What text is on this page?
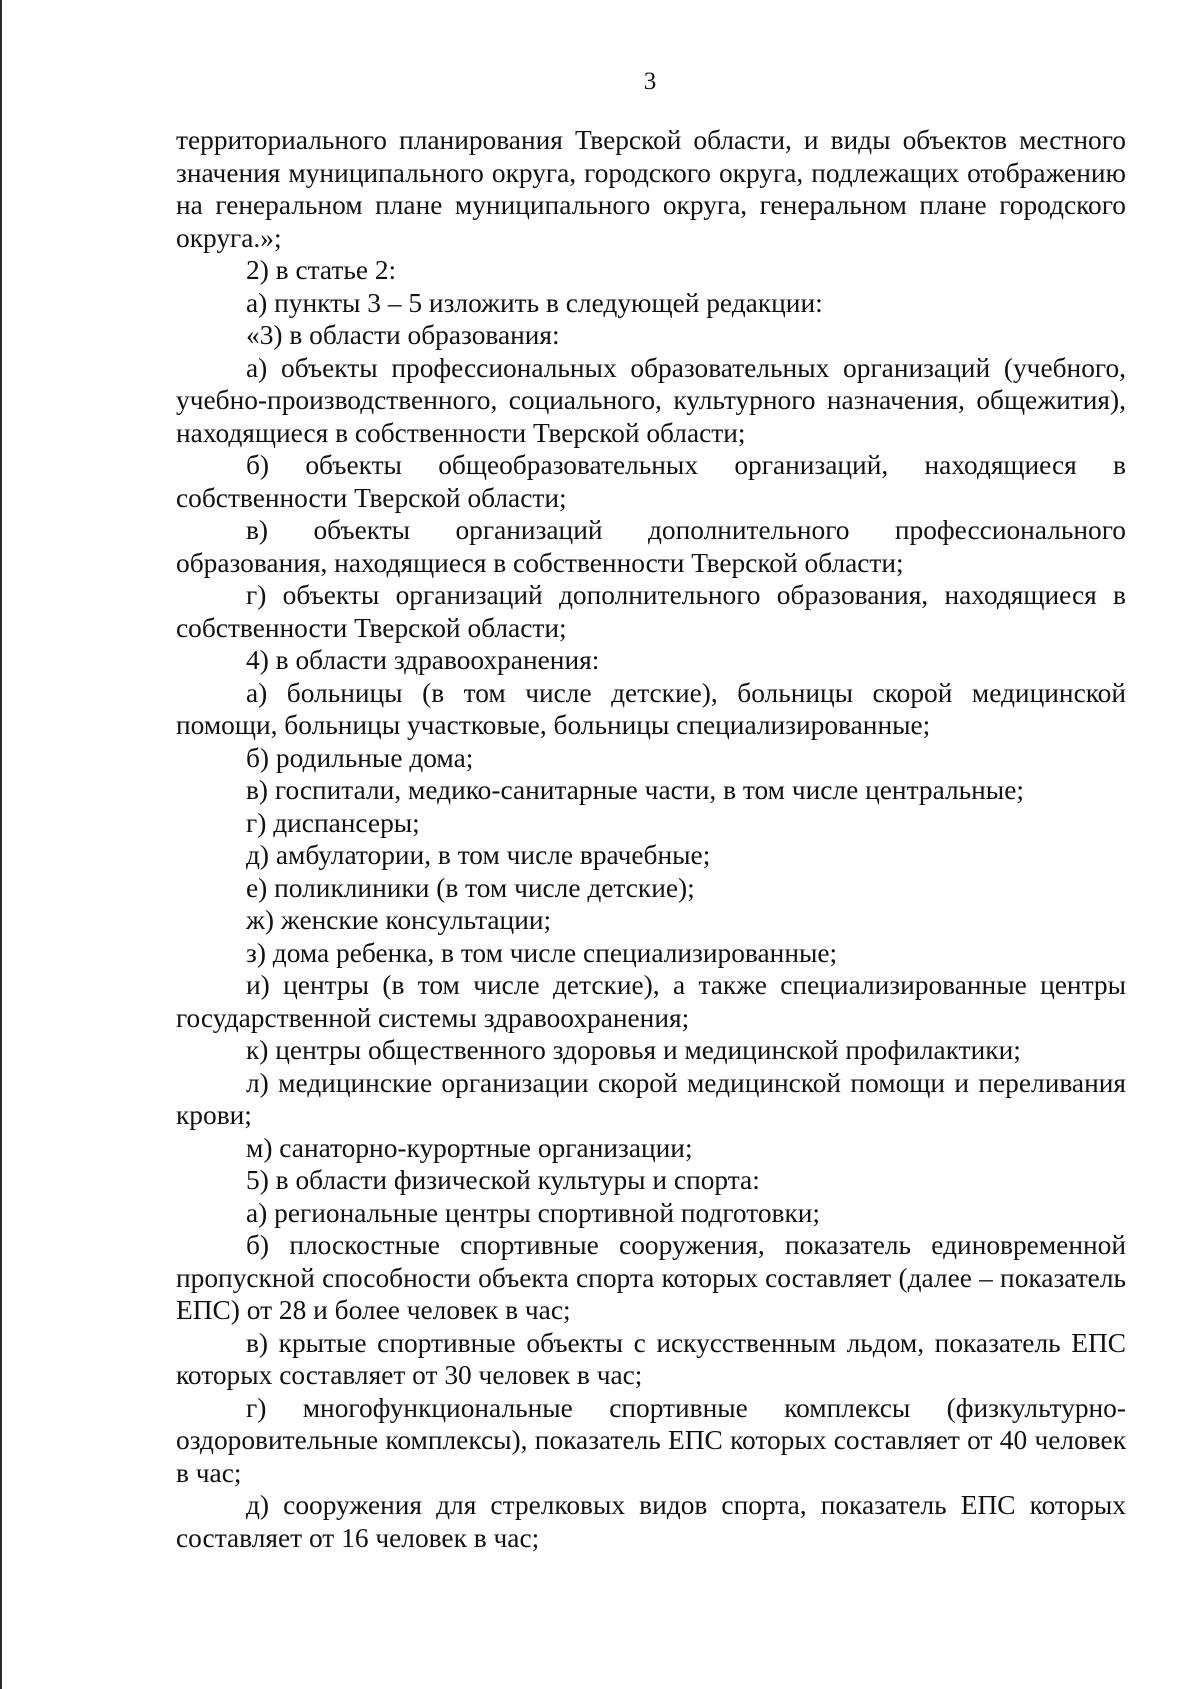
3

территориального планирования Тверской области, и виды объектов местного значения муниципального округа, городского округа, подлежащих отображению на генеральном плане муниципального округа, генеральном плане городского округа.»;

2) в статье 2:

а) пункты 3 – 5 изложить в следующей редакции:

«3) в области образования:

а) объекты профессиональных образовательных организаций (учебного, учебно-производственного, социального, культурного назначения, общежития), находящиеся в собственности Тверской области;

б) объекты общеобразовательных организаций, находящиеся в собственности Тверской области;

в) объекты организаций дополнительного профессионального образования, находящиеся в собственности Тверской области;

г) объекты организаций дополнительного образования, находящиеся в собственности Тверской области;

4) в области здравоохранения:

а) больницы (в том числе детские), больницы скорой медицинской помощи, больницы участковые, больницы специализированные;

б) родильные дома;

в) госпитали, медико-санитарные части, в том числе центральные;

г) диспансеры;

д) амбулатории, в том числе врачебные;

е) поликлиники (в том числе детские);

ж) женские консультации;

з) дома ребенка, в том числе специализированные;

и) центры (в том числе детские), а также специализированные центры государственной системы здравоохранения;

к) центры общественного здоровья и медицинской профилактики;

л) медицинские организации скорой медицинской помощи и переливания крови;

м) санаторно-курортные организации;

5) в области физической культуры и спорта:

а) региональные центры спортивной подготовки;

б) плоскостные спортивные сооружения, показатель единовременной пропускной способности объекта спорта которых составляет (далее – показатель ЕПС) от 28 и более человек в час;

в) крытые спортивные объекты с искусственным льдом, показатель ЕПС которых составляет от 30 человек в час;

г) многофункциональные спортивные комплексы (физкультурно-оздоровительные комплексы), показатель ЕПС которых составляет от 40 человек в час;

д) сооружения для стрелковых видов спорта, показатель ЕПС которых составляет от 16 человек в час;
